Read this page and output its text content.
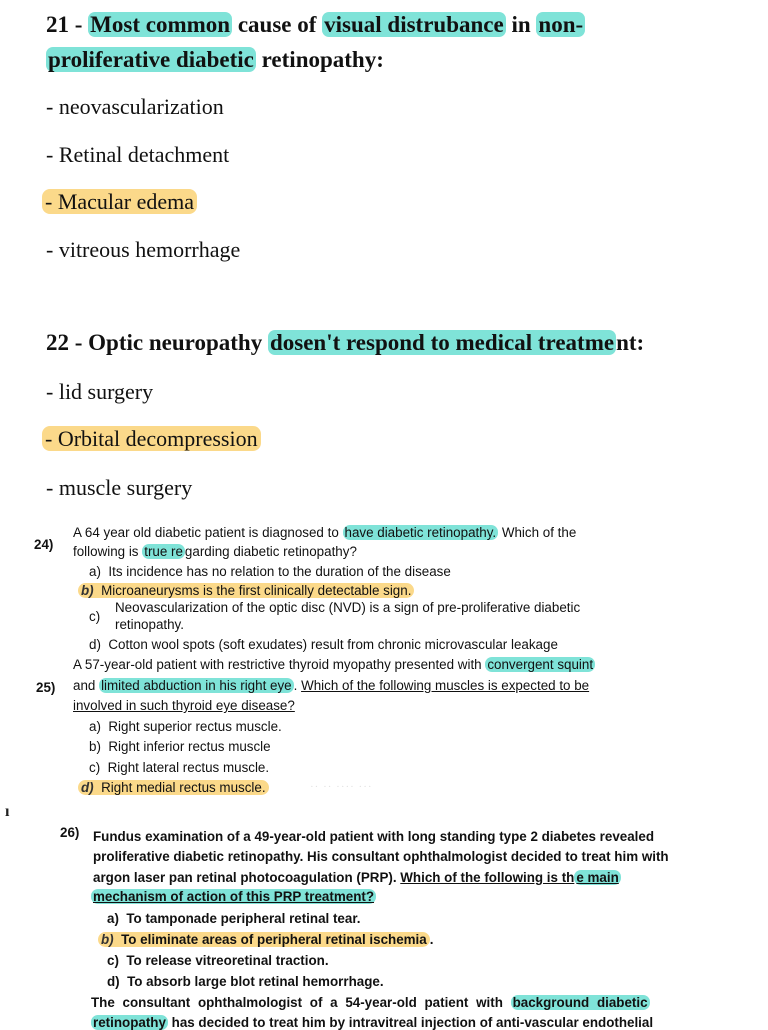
21 - Most common cause of visual distrubance in non-
proliferative diabetic retinopathy:
- neovascularization
- Retinal detachment
- Macular edema
- vitreous hemorrhage
22 - Optic neuropathy dosen't respond to medical treatment:
- lid surgery
- Orbital decompression
- muscle surgery
24)
A 64 year old diabetic patient is diagnosed to have diabetic retinopathy. Which of the
following is true re garding diabetic retinopathy?
a) Its incidence has no relation to the duration of the disease
b) Microaneurysms is the first clinically detectable sign.
c)
Neovascularization of the optic disc (NVD) is a sign of pre-proliferative diabetic
retinopathy.
d) Cotton wool spots (soft exudates) result from chronic microvascular leakage
25)
A 57-year-old patient with restrictive thyroid myopathy presented with convergent squint
and limited abduction in his right eye . Which of the following muscles is expected to be
involved in such thyroid eye disease?
a) Right superior rectus muscle.
b) Right inferior rectus muscle
c) Right lateral rectus muscle.
d) Right medial rectus muscle.	·· ·· ···· ···
ı
26) Fundus examination of a 49-year-old patient with long standing type 2 diabetes revealed
proliferative diabetic retinopathy. His consultant ophthalmologist decided to treat him with
argon laser pan retinal photocoagulation (PRP). Which of the following is th e main
mechanism of action of this PRP treatment?
a) To tamponade peripheral retinal tear.
b) To eliminate areas of peripheral retinal ischemia .
c) To release vitreoretinal traction.
d) To absorb large blot retinal hemorrhage.
The consultant ophthalmologist of a 54-year-old patient with background diabetic
retinopathy has decided to treat him by intravitreal injection of anti-vascular endothelial
